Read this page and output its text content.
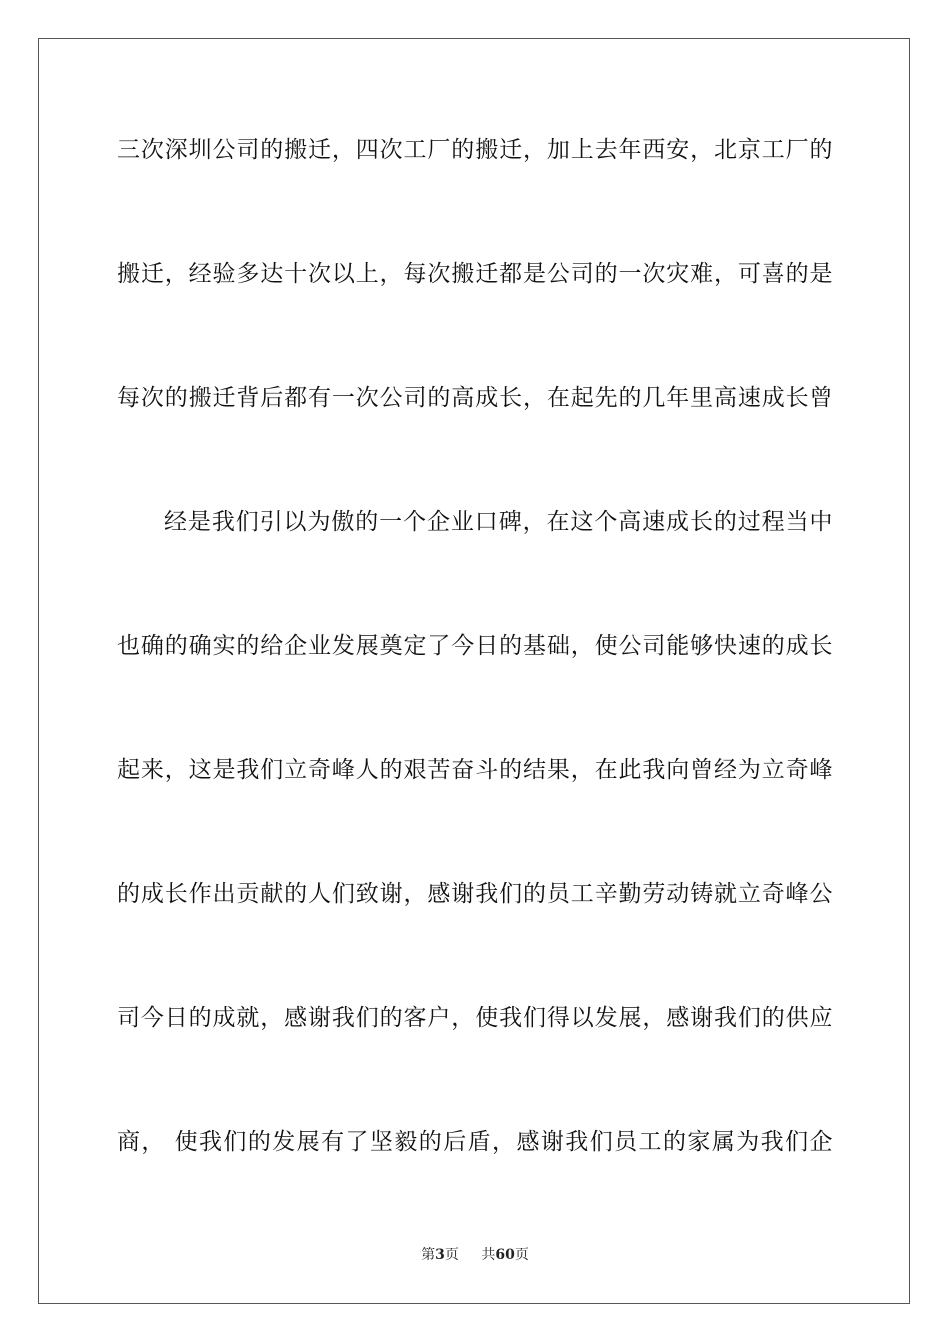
三次深圳公司的搬迁，四次工厂的搬迁，加上去年西安，北京工厂的
搬迁，经验多达十次以上，每次搬迁都是公司的一次灾难，可喜的是
每次的搬迁背后都有一次公司的高成长，在起先的几年里高速成长曾
经是我们引以为傲的一个企业口碑，在这个高速成长的过程当中
也确的确实的给企业发展奠定了今日的基础，使公司能够快速的成长
起来，这是我们立奇峰人的艰苦奋斗的结果，在此我向曾经为立奇峰
的成长作出贡献的人们致谢，感谢我们的员工辛勤劳动铸就立奇峰公
司今日的成就，感谢我们的客户，使我们得以发展，感谢我们的供应
商， 使我们的发展有了坚毅的后盾，感谢我们员工的家属为我们企
第3页 共60页
